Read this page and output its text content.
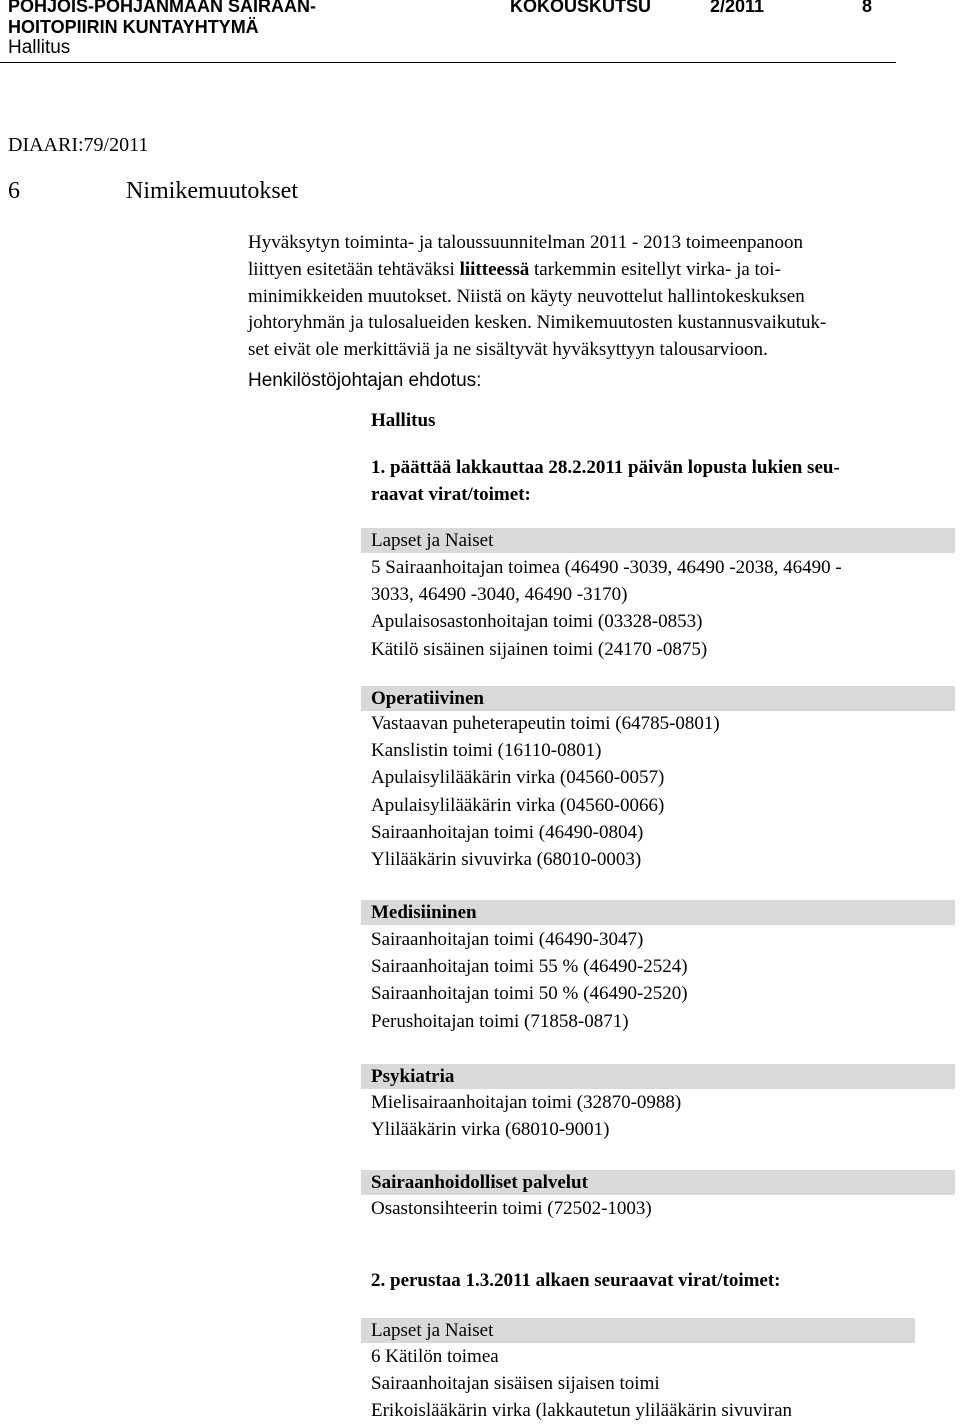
POHJOIS-POHJANMAAN SAIRAAN-
HOITOPIIRIN KUNTAYHTYMÄ
KOKOUSKUTSU	2/2011	8
Hallitus
DIAARI:79/2011
6	Nimikemuutokset
Hyväksytyn toiminta- ja taloussuunnitelman 2011 - 2013 toimeenpanoon
liittyen esitetään tehtäväksi liitteessä tarkemmin esitellyt virka- ja toi-
minimikkeiden muutokset. Niistä on käyty neuvottelut hallintokeskuksen
johtoryhmän ja tulosalueiden kesken. Nimikemuutosten kustannusvaikutuk-
set eivät ole merkittäviä ja ne sisältyvät hyväksyttyyn talousarvioon.
Henkilöstöjohtajan ehdotus:
Hallitus
1. päättää lakkauttaa 28.2.2011 päivän lopusta lukien seu-
raavat virat/toimet:
Lapset ja Naiset
5 Sairaanhoitajan toimea (46490 -3039, 46490 -2038, 46490 -
3033, 46490 -3040, 46490 -3170)
Apulaisosastonhoitajan toimi (03328-0853)
Kätilö sisäinen sijainen toimi (24170 -0875)
Operatiivinen
Vastaavan puheterapeutin toimi (64785-0801)
Kanslistin toimi (16110-0801)
Apulaisylilääkärin virka (04560-0057)
Apulaisylilääkärin virka (04560-0066)
Sairaanhoitajan toimi (46490-0804)
Ylilääkärin sivuvirka (68010-0003)
Medisiininen
Sairaanhoitajan toimi (46490-3047)
Sairaanhoitajan toimi 55 % (46490-2524)
Sairaanhoitajan toimi 50 % (46490-2520)
Perushoitajan toimi (71858-0871)
Psykiatria
Mielisairaanhoitajan toimi (32870-0988)
Ylilääkärin virka (68010-9001)
Sairaanhoidolliset palvelut
Osastonsihteerin toimi (72502-1003)
2. perustaa 1.3.2011 alkaen seuraavat virat/toimet:
Lapset ja Naiset
6 Kätilön toimea
Sairaanhoitajan sisäisen sijaisen toimi
Erikoislääkärin virka (lakkautetun ylilääkärin sivuviran
